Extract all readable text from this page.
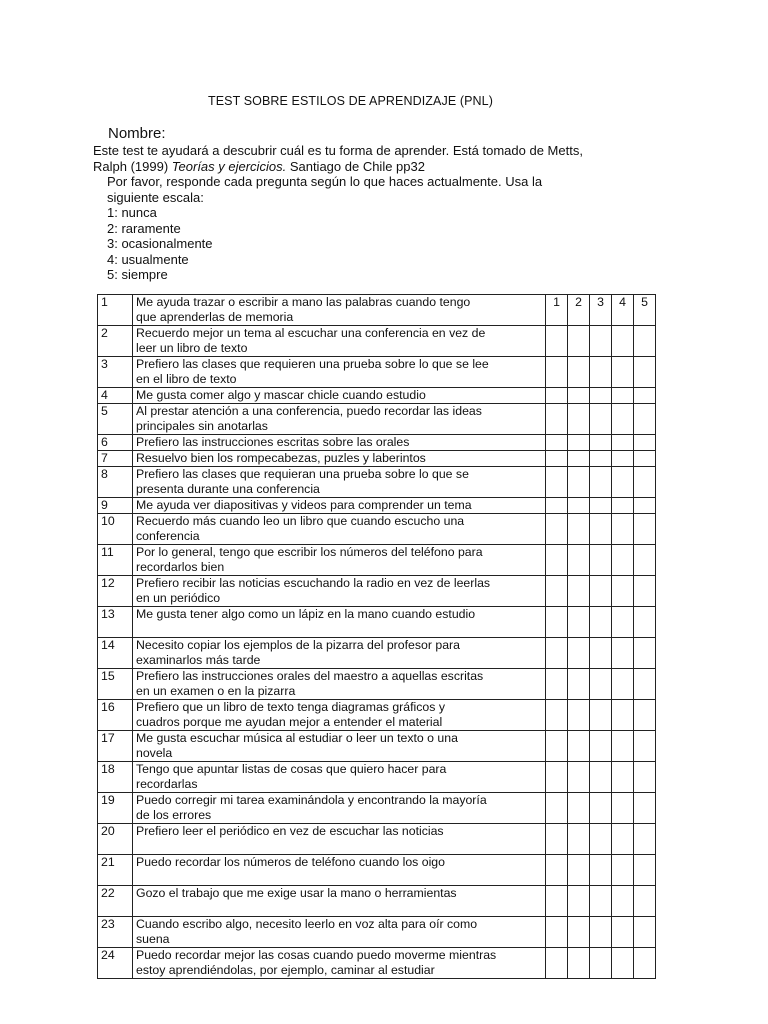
TEST SOBRE ESTILOS DE APRENDIZAJE (PNL)
Nombre:
Este test te ayudará a descubrir cuál es tu forma de aprender. Está tomado de Metts,
Ralph (1999) Teorías y ejercicios. Santiago de Chile pp32
Por favor, responde cada pregunta según lo que haces actualmente. Usa la
siguiente escala:
1: nunca
2: raramente
3: ocasionalmente
4: usualmente
5: siempre
1	Me ayuda trazar o escribir a mano las palabras cuando tengo
que aprenderlas de memoria	1	2	3	4	5
2	Recuerdo mejor un tema al escuchar una conferencia en vez de
leer un libro de texto					

3	Prefiero las clases que requieren una prueba sobre lo que se lee
en el libro de texto					

4	Me gusta comer algo y mascar chicle cuando estudio					

5	Al prestar atención a una conferencia, puedo recordar las ideas
principales sin anotarlas					

6	Prefiero las instrucciones escritas sobre las orales					

7	Resuelvo bien los rompecabezas, puzles y laberintos					

8	Prefiero las clases que requieran una prueba sobre lo que se
presenta durante una conferencia					

9	Me ayuda ver diapositivas y videos para comprender un tema					

10	Recuerdo más cuando leo un libro que cuando escucho una
conferencia					

11	Por lo general, tengo que escribir los números del teléfono para
recordarlos bien					

12	Prefiero recibir las noticias escuchando la radio en vez de leerlas
en un periódico					

13	Me gusta tener algo como un lápiz en la mano cuando estudio					

14	Necesito copiar los ejemplos de la pizarra del profesor para
examinarlos más tarde					

15	Prefiero las instrucciones orales del maestro a aquellas escritas
en un examen o en la pizarra					

16	Prefiero que un libro de texto tenga diagramas gráficos y
cuadros porque me ayudan mejor a entender el material					

17	Me gusta escuchar música al estudiar o leer un texto o una
novela					

18	Tengo que apuntar listas de cosas que quiero hacer para
recordarlas					

19	Puedo corregir mi tarea examinándola y encontrando la mayoría
de los errores					

20	Prefiero leer el periódico en vez de escuchar las noticias					

21	Puedo recordar los números de teléfono cuando los oigo					

22	Gozo el trabajo que me exige usar la mano o herramientas					

23	Cuando escribo algo, necesito leerlo en voz alta para oír como
suena					

24	Puedo recordar mejor las cosas cuando puedo moverme mientras
estoy aprendiéndolas, por ejemplo, caminar al estudiar					
